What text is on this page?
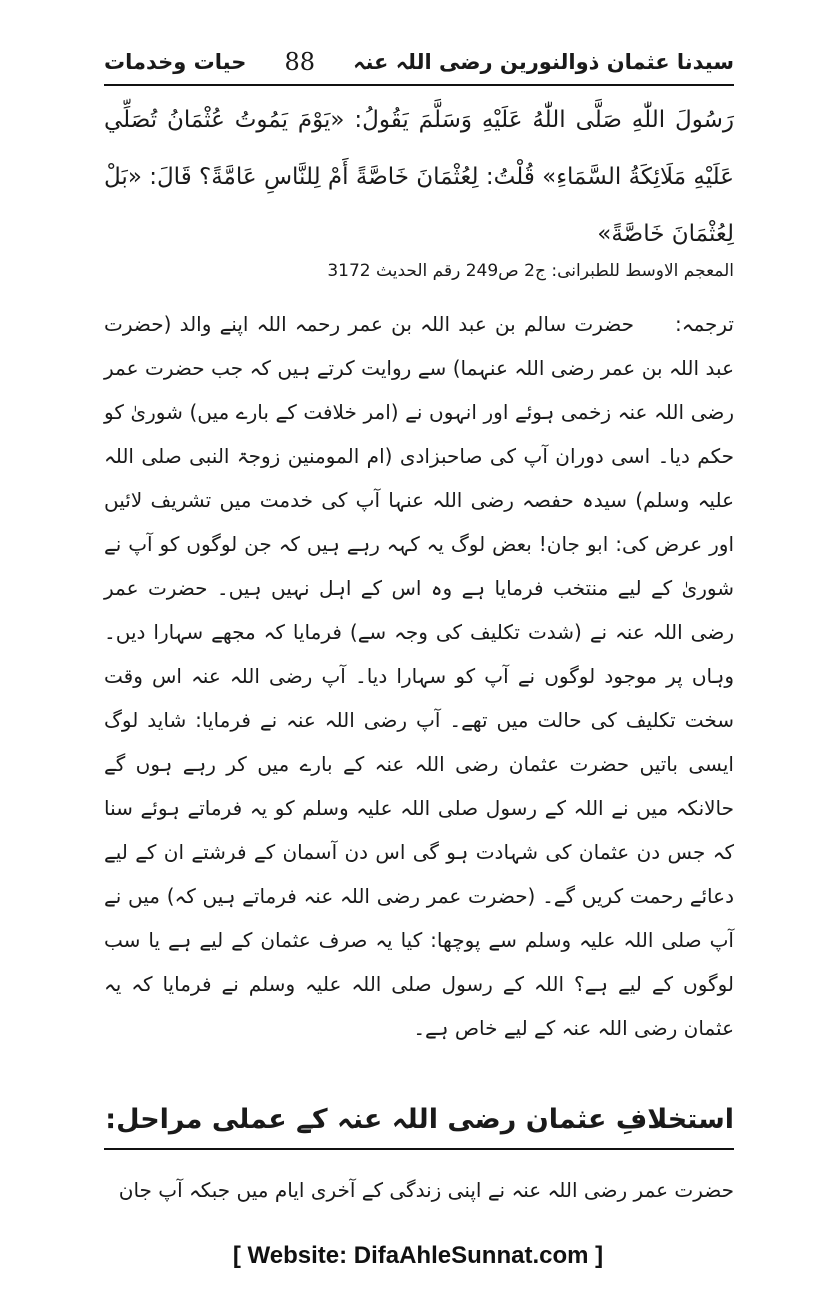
سیدنا عثمان ذوالنورین رضی اللہ عنہ
88
حیات وخدمات
رَسُولَ اللّٰهِ صَلَّى اللّٰهُ عَلَيْهِ وَسَلَّمَ يَقُولُ: «يَوْمَ يَمُوتُ عُثْمَانُ تُصَلِّي عَلَيْهِ مَلَائِكَةُ السَّمَاءِ» قُلْتُ: لِعُثْمَانَ خَاصَّةً أَمْ لِلنَّاسِ عَامَّةً؟ قَالَ: «بَلْ لِعُثْمَانَ خَاصَّةً»
المعجم الاوسط للطبرانی: ج2 ص249 رقم الحدیث 3172
ترجمہ:     حضرت سالم بن عبد اللہ بن عمر رحمہ اللہ اپنے والد (حضرت عبد اللہ بن عمر رضی اللہ عنہما) سے روایت کرتے ہیں کہ جب حضرت عمر رضی اللہ عنہ زخمی ہوئے اور انہوں نے (امر خلافت کے بارے میں) شوریٰ کو حکم دیا۔ اسی دوران آپ کی صاحبزادی (ام المومنین زوجۃ النبی صلی اللہ علیہ وسلم) سیدہ حفصہ رضی اللہ عنہا آپ کی خدمت میں تشریف لائیں اور عرض کی: ابو جان! بعض لوگ یہ کہہ رہے ہیں کہ جن لوگوں کو آپ نے شوریٰ کے لیے منتخب فرمایا ہے وہ اس کے اہل نہیں ہیں۔ حضرت عمر رضی اللہ عنہ نے (شدت تکلیف کی وجہ سے) فرمایا کہ مجھے سہارا دیں۔ وہاں پر موجود لوگوں نے آپ کو سہارا دیا۔ آپ رضی اللہ عنہ اس وقت سخت تکلیف کی حالت میں تھے۔ آپ رضی اللہ عنہ نے فرمایا: شاید لوگ ایسی باتیں حضرت عثمان رضی اللہ عنہ کے بارے میں کر رہے ہوں گے حالانکہ میں نے اللہ کے رسول صلی اللہ علیہ وسلم کو یہ فرماتے ہوئے سنا کہ جس دن عثمان کی شہادت ہو گی اس دن آسمان کے فرشتے ان کے لیے دعائے رحمت کریں گے۔ (حضرت عمر رضی اللہ عنہ فرماتے ہیں کہ) میں نے آپ صلی اللہ علیہ وسلم سے پوچھا: کیا یہ صرف عثمان کے لیے ہے یا سب لوگوں کے لیے ہے؟ اللہ کے رسول صلی اللہ علیہ وسلم نے فرمایا کہ یہ عثمان رضی اللہ عنہ کے لیے خاص ہے۔
استخلافِ عثمان رضی اللہ عنہ کے عملی مراحل:
حضرت عمر رضی اللہ عنہ نے اپنی زندگی کے آخری ایام میں جبکہ آپ جان
[ Website: DifaAhleSunnat.com ]
